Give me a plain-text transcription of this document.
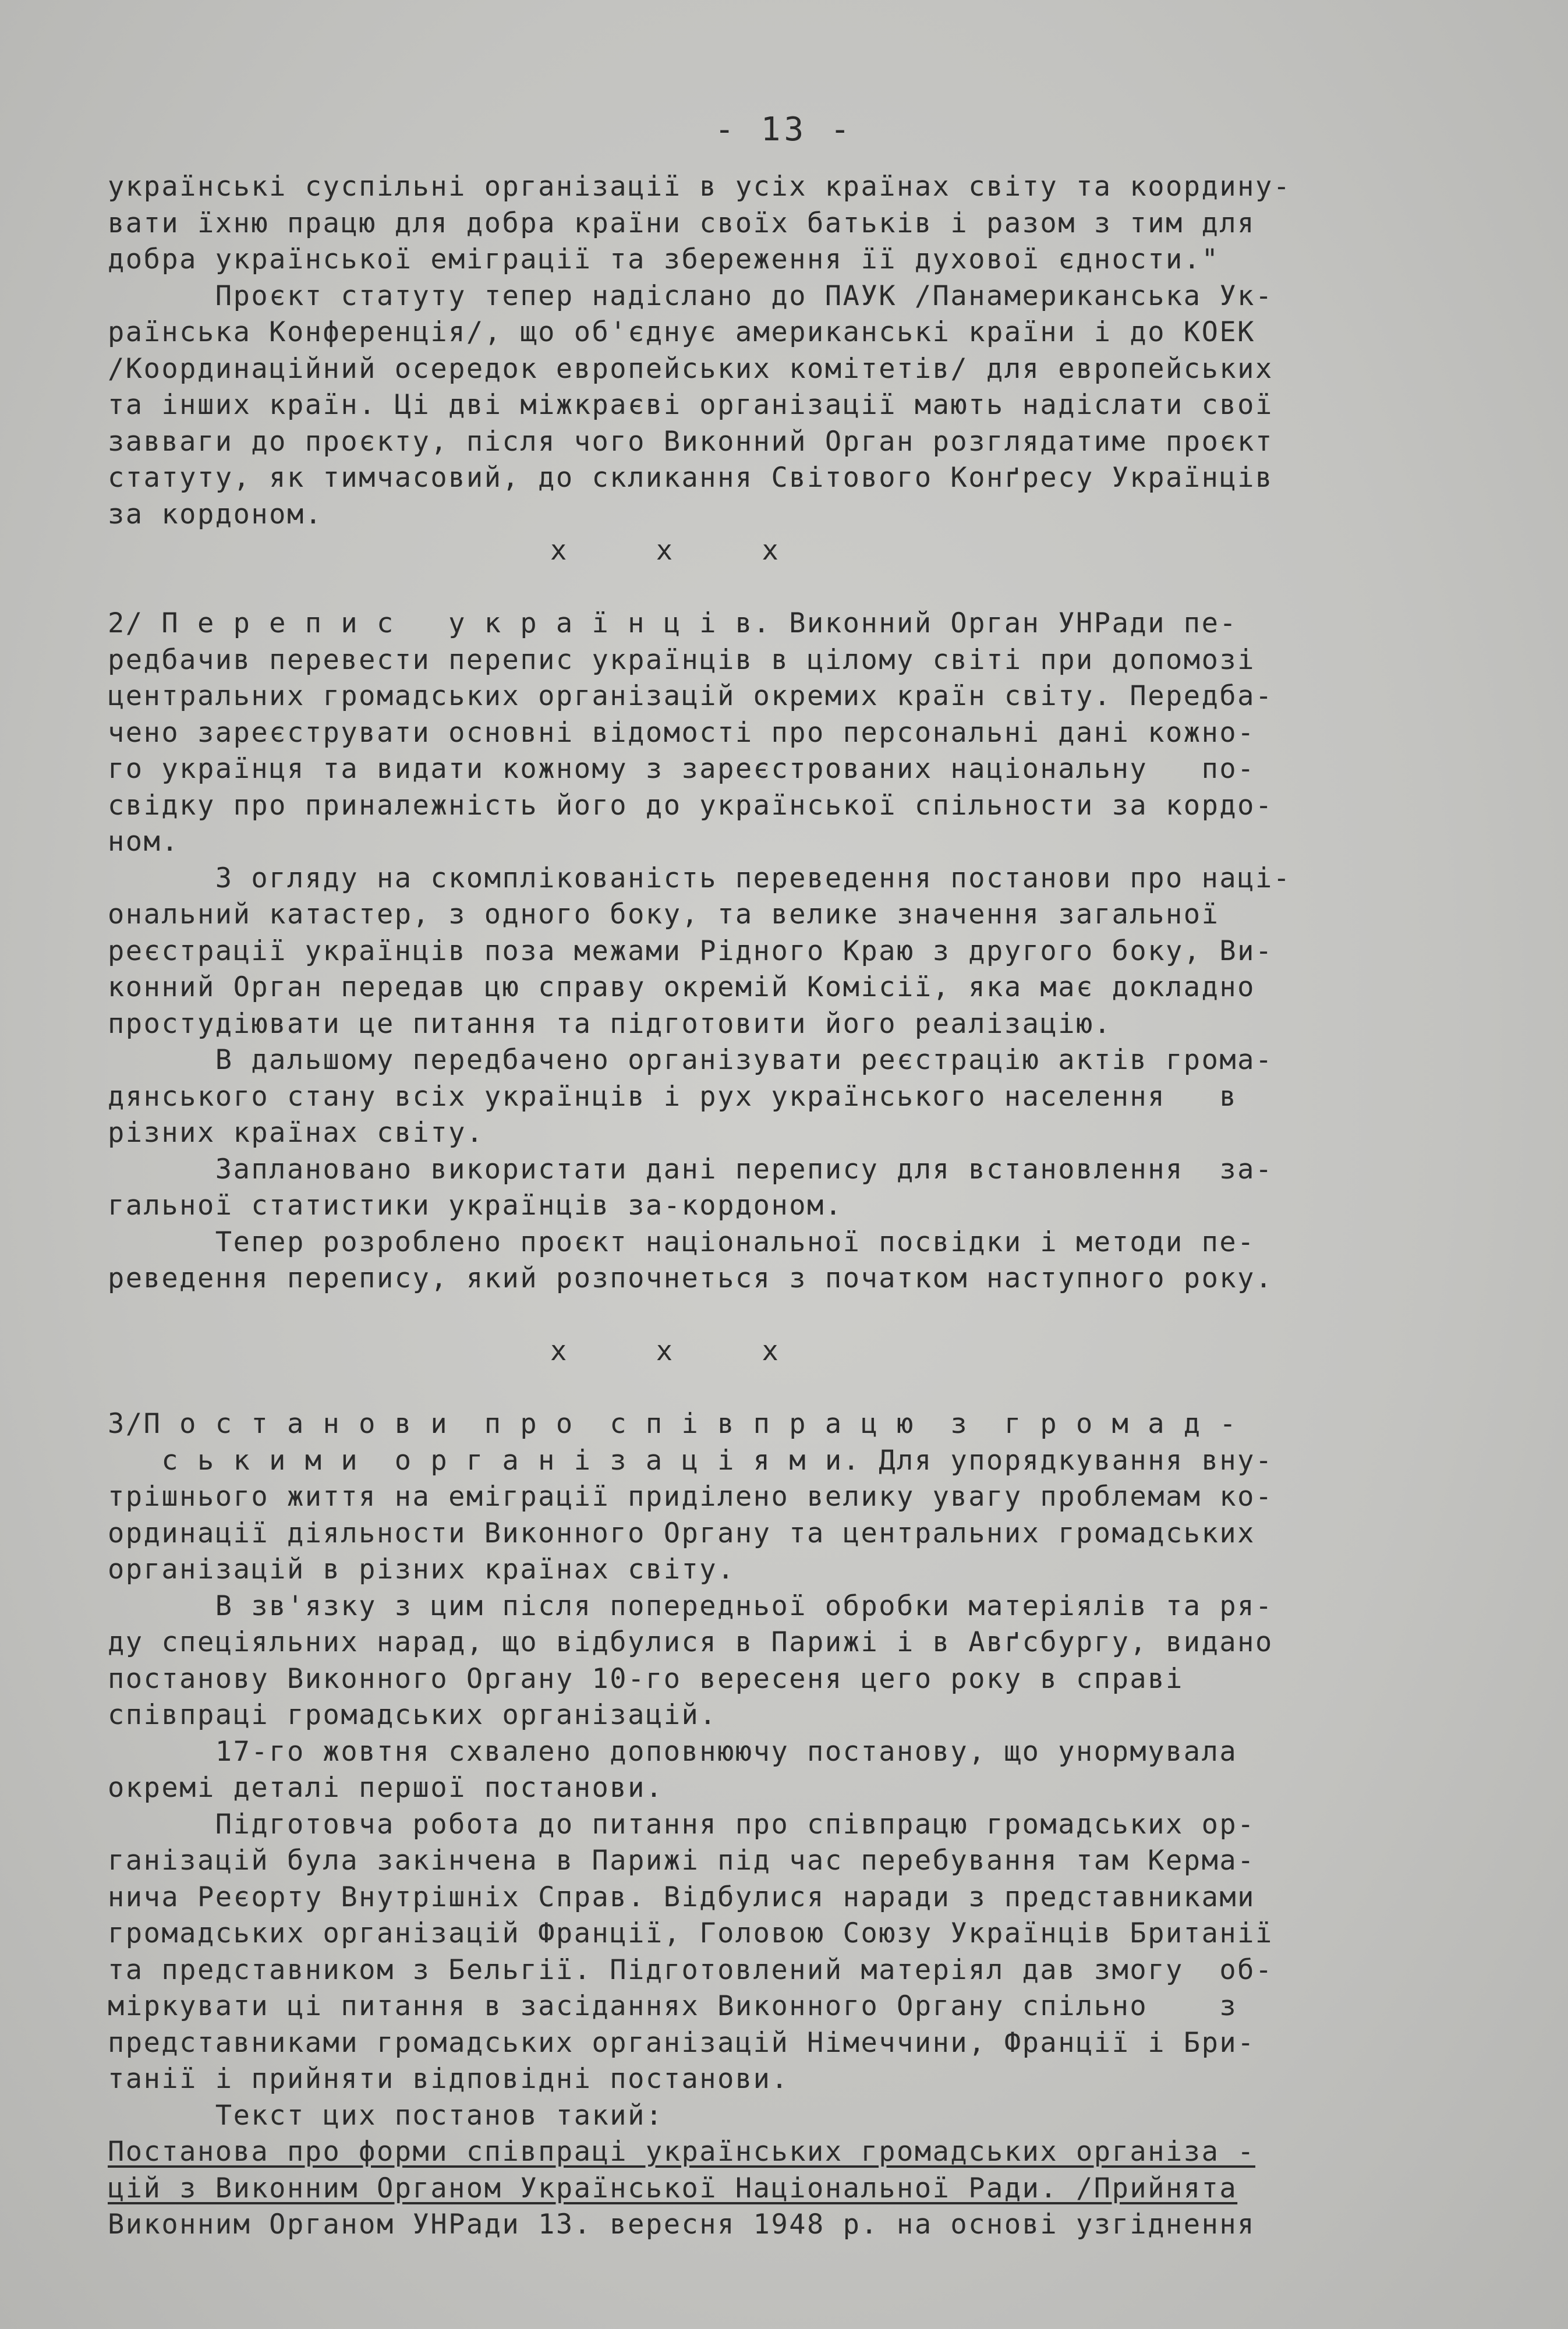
- 13 -
українські суспільні організації в усіх країнах світу та координу-
вати їхню працю для добра країни своїх батьків і разом з тим для
добра української еміграції та збереження її духової єдности."
Проєкт статуту тепер надіслано до ПАУК /Панамериканська Ук-
раїнська Конференція/, що об'єднує американські країни і до КОЕК
/Координаційний осередок европейських комітетів/ для европейських
та інших країн. Ці дві міжкраєві організації мають надіслати свої
завваги до проєкту, після чого Виконний Орган розглядатиме проєкт
статуту, як тимчасовий, до скликання Світового Конґресу Українців
за кордоном.
x     x     x
2/ П е р е п и с   у к р а ї н ц і в. Виконний Орган УНРади пе-
редбачив перевести перепис українців в цілому світі при допомозі
центральних громадських організацій окремих країн світу. Передба-
чено зареєструвати основні відомості про персональні дані кожно-
го українця та видати кожному з зареєстрованих національну   по-
свідку про приналежність його до української спільности за кордо-
ном.
З огляду на скомплікованість переведення постанови про наці-
ональний катастер, з одного боку, та велике значення загальної
реєстрації українців поза межами Рідного Краю з другого боку, Ви-
конний Орган передав цю справу окремій Комісії, яка має докладно
простудіювати це питання та підготовити його реалізацію.
В дальшому передбачено організувати реєстрацію актів грома-
дянського стану всіх українців і рух українського населення   в
різних країнах світу.
Заплановано використати дані перепису для встановлення  за-
гальної статистики українців за-кордоном.
Тепер розроблено проєкт національної посвідки і методи пе-
реведення перепису, який розпочнеться з початком наступного року.
x     x     x
3/П о с т а н о в и  п р о  с п і в п р а ц ю  з  г р о м а д -
с ь к и м и  о р г а н і з а ц і я м и. Для упорядкування вну-
трішнього життя на еміграції приділено велику увагу проблемам ко-
ординації діяльности Виконного Органу та центральних громадських
організацій в різних країнах світу.
В зв'язку з цим після попередньої обробки матеріялів та ря-
ду спеціяльних нарад, що відбулися в Парижі і в Авґсбургу, видано
постанову Виконного Органу 10-го вересеня цего року в справі
співпраці громадських організацій.
17-го жовтня схвалено доповнюючу постанову, що унормувала
окремі деталі першої постанови.
Підготовча робота до питання про співпрацю громадських ор-
ганізацій була закінчена в Парижі під час перебування там Керма-
нича Реєорту Внутрішніх Справ. Відбулися наради з представниками
громадських організацій Франції, Головою Союзу Українців Британії
та представником з Бельгії. Підготовлений матеріял дав змогу  об-
міркувати ці питання в засіданнях Виконного Органу спільно    з
представниками громадських організацій Німеччини, Франції і Бри-
танії і прийняти відповідні постанови.
Текст цих постанов такий:
Постанова про форми співпраці українських громадських організа -
цій з Виконним Органом Української Національної Ради. /Прийнята
Виконним Органом УНРади 13. вересня 1948 р. на основі узгіднення
